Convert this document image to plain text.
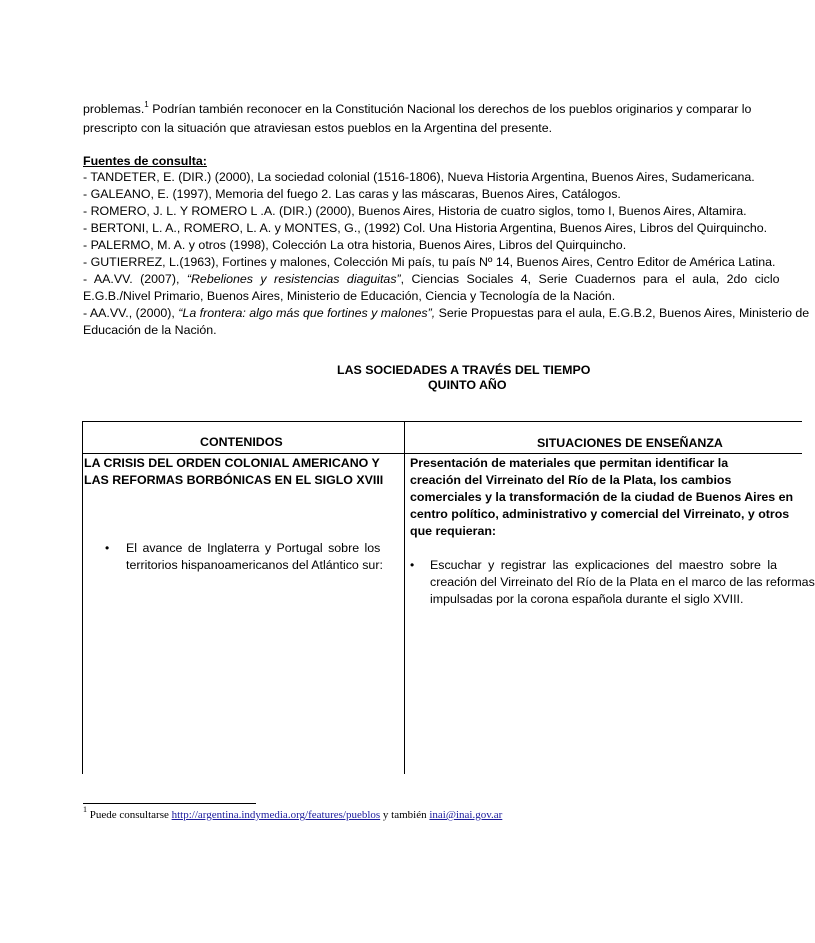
problemas.$^1$ Podrían también reconocer en la Constitución Nacional los derechos de los pueblos originarios y comparar lo
prescripto con la situación que atraviesan estos pueblos en la Argentina del presente.
Fuentes de consulta:
- TANDETER, E. (DIR.) (2000), La sociedad colonial (1516-1806), Nueva Historia Argentina, Buenos Aires, Sudamericana.
- GALEANO, E. (1997), Memoria del fuego 2. Las caras y las máscaras, Buenos Aires, Catálogos.
- ROMERO, J. L. Y ROMERO L .A. (DIR.) (2000), Buenos Aires, Historia de cuatro siglos, tomo I, Buenos Aires, Altamira.
- BERTONI, L. A., ROMERO, L. A. y MONTES, G., (1992) Col. Una Historia Argentina, Buenos Aires, Libros del Quirquincho.
- PALERMO, M. A. y otros (1998), Colección La otra historia, Buenos Aires, Libros del Quirquincho.
- GUTIERREZ, L.(1963), Fortines y malones, Colección Mi país, tu país Nº 14, Buenos Aires, Centro Editor de América Latina.
- AA.VV. (2007), “Rebeliones y resistencias diaguitas”, Ciencias Sociales 4, Serie Cuadernos para el aula, 2do ciclo
E.G.B./Nivel Primario, Buenos Aires, Ministerio de Educación, Ciencia y Tecnología de la Nación.
- AA.VV., (2000), “La frontera: algo más que fortines y malones”, Serie Propuestas para el aula, E.G.B.2, Buenos Aires, Ministerio de
Educación de la Nación.
LAS SOCIEDADES A TRAVÉS DEL TIEMPO
QUINTO AÑO
CONTENIDOS	SITUACIONES DE ENSEÑANZA
LA CRISIS DEL ORDEN COLONIAL AMERICANO Y
LAS REFORMAS BORBÓNICAS EN EL SIGLO XVIII
• El avance de Inglaterra y Portugal sobre los
territorios hispanoamericanos del Atlántico sur:
Presentación de materiales que permitan identificar la
creación del Virreinato del Río de la Plata, los cambios
comerciales y la transformación de la ciudad de Buenos Aires en
centro político, administrativo y comercial del Virreinato, y otros
que requieran:
• Escuchar y registrar las explicaciones del maestro sobre la
creación del Virreinato del Río de la Plata en el marco de las reformas
impulsadas por la corona española durante el siglo XVIII.
$^1$ Puede consultarse http://argentina.indymedia.org/features/pueblos y también inai@inai.gov.ar
